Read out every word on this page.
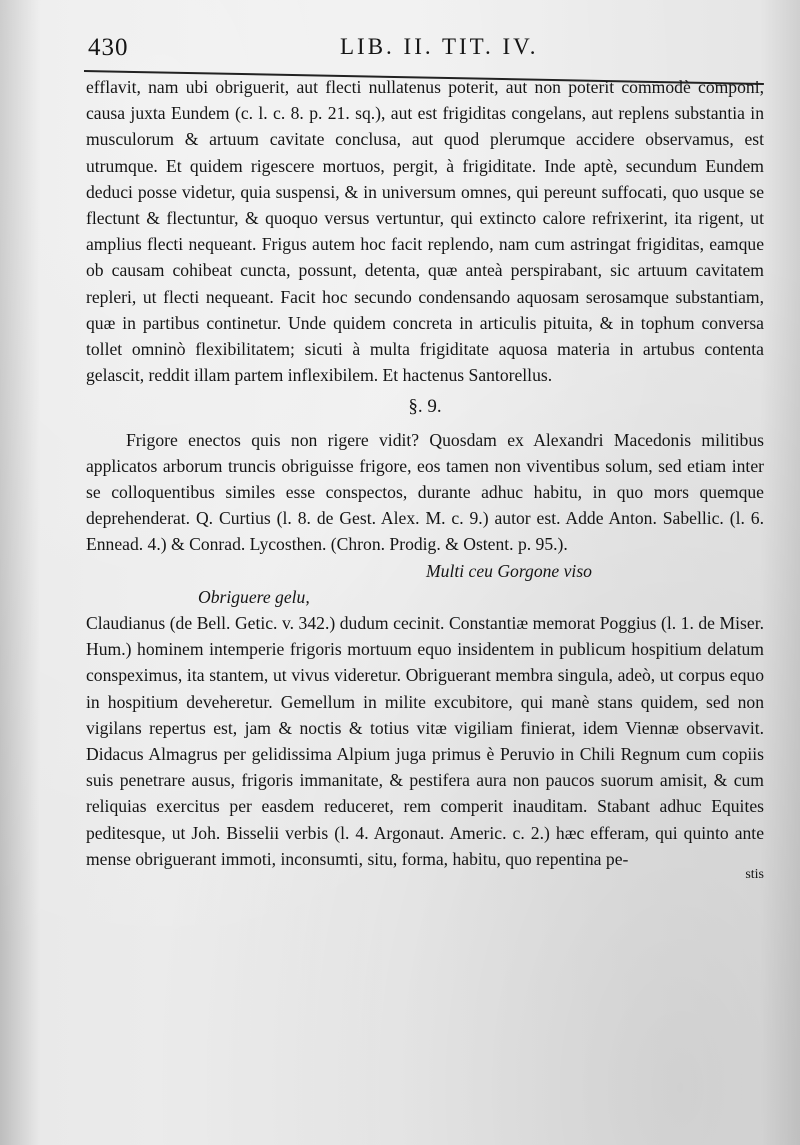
430	LIB. II. TIT. IV.

efflavit, nam ubi obriguerit, aut flecti nullatenus poterit, aut non poterit commodè componi, causa juxta Eundem (c. l. c. 8. p. 21. sq.), aut est frigiditas congelans, aut replens substantia in musculorum & artuum cavitate conclusa, aut quod plerumque accidere observamus, est utrumque. Et quidem rigescere mortuos, pergit, à frigiditate. Inde aptè, secundum Eundem deduci posse videtur, quia suspensi, & in universum omnes, qui pereunt suffocati, quo usque se flectunt & flectuntur, & quoquo versus vertuntur, qui extincto calore refrixerint, ita rigent, ut amplius flecti nequeant. Frigus autem hoc facit replendo, nam cum astringat frigiditas, eamque ob causam cohibeat cuncta, possunt, detenta, quæ anteà perspirabant, sic artuum cavitatem repleri, ut flecti nequeant. Facit hoc secundo condensando aquosam serosamque substantiam, quæ in partibus continetur. Unde quidem concreta in articulis pituita, & in tophum conversa tollet omninò flexibilitatem; sicuti à multa frigiditate aquosa materia in artubus contenta gelascit, reddit illam partem inflexibilem. Et hactenus Santorellus.

§. 9.

Frigore enectos quis non rigere vidit? Quosdam ex Alexandri Macedonis militibus applicatos arborum truncis obriguisse frigore, eos tamen non viventibus solum, sed etiam inter se colloquentibus similes esse conspectos, durante adhuc habitu, in quo mors quemque deprehenderat. Q. Curtius (l. 8. de Gest. Alex. M. c. 9.) autor est. Adde Anton. Sabellic. (l. 6. Ennead. 4.) & Conrad. Lycosthen. (Chron. Prodig. & Ostent. p. 95.).

Multi ceu Gorgone viso

Obriguere gelu,

Claudianus (de Bell. Getic. v. 342.) dudum cecinit. Constantiæ memorat Poggius (l. 1. de Miser. Hum.) hominem intemperie frigoris mortuum equo insidentem in publicum hospitium delatum conspeximus, ita stantem, ut vivus videretur. Obriguerant membra singula, adeò, ut corpus equo in hospitium deveheretur. Gemellum in milite excubitore, qui manè stans quidem, sed non vigilans repertus est, jam & noctis & totius vitæ vigiliam finierat, idem Viennæ observavit. Didacus Almagrus per gelidissima Alpium juga primus è Peruvio in Chili Regnum cum copiis suis penetrare ausus, frigoris immanitate, & pestifera aura non paucos suorum amisit, & cum reliquias exercitus per easdem reduceret, rem comperit inauditam. Stabant adhuc Equites peditesque, ut Joh. Bisselii verbis (l. 4. Argonaut. Americ. c. 2.) hæc efferam, qui quinto ante mense obriguerant immoti, inconsumti, situ, forma, habitu, quo repentina pe-

stis
